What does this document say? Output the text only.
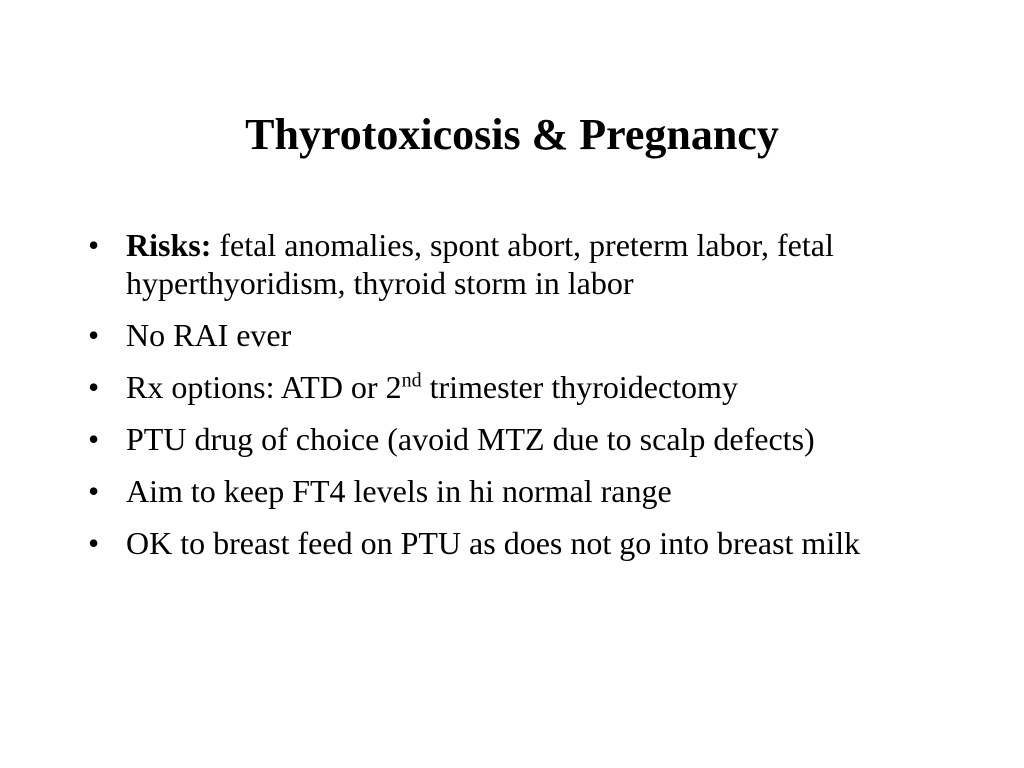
Thyrotoxicosis & Pregnancy
• Risks: fetal anomalies, spont abort, preterm labor, fetal hyperthyoridism, thyroid storm in labor
• No RAI ever
• Rx options: ATD or 2nd trimester thyroidectomy
• PTU drug of choice (avoid MTZ due to scalp defects)
• Aim to keep FT4 levels in hi normal range
• OK to breast feed on PTU as does not go into breast milk
